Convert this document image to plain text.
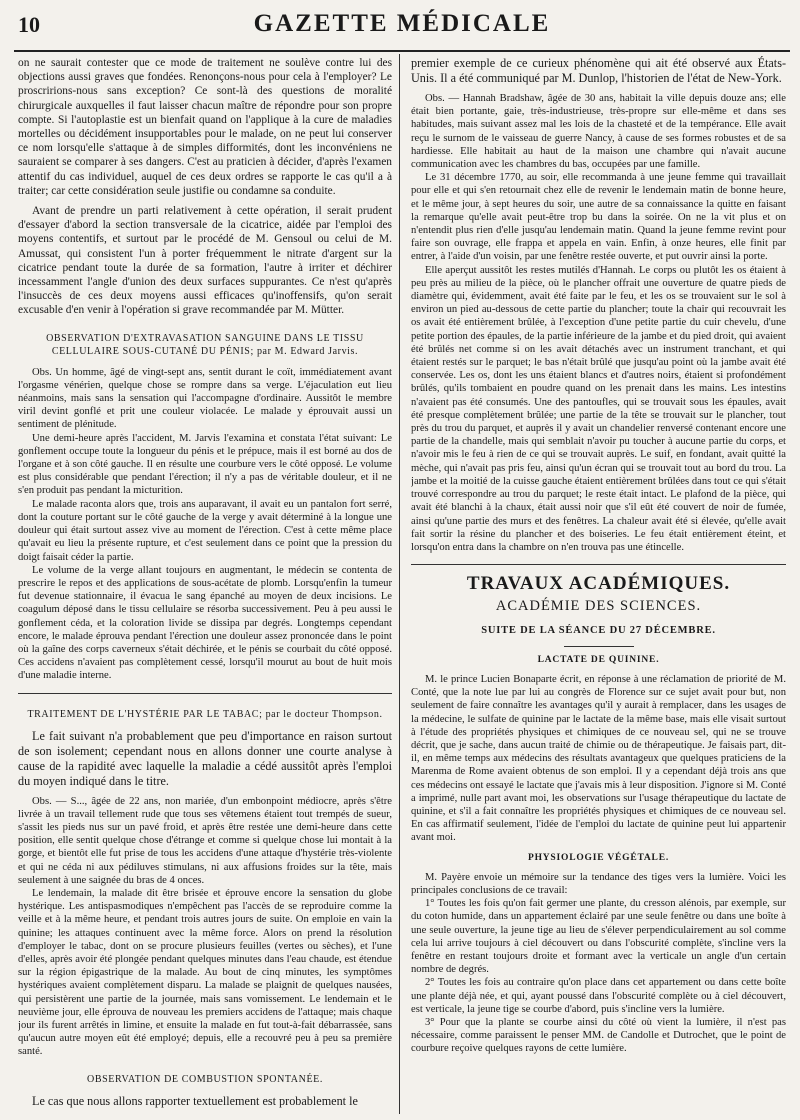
10	GAZETTE MÉDICALE

on ne saurait contester que ce mode de traitement ne soulève contre lui des objections aussi graves que fondées. Renonçons-nous pour cela à l'employer? Le proscririons-nous sans exception? Ce sont-là des questions de moralité chirurgicale auxquelles il faut laisser chacun maître de répondre pour son propre compte. Si l'autoplastie est un bienfait quand on l'applique à la cure de maladies mortelles ou décidément insupportables pour le malade, on ne peut lui conserver ce nom lorsqu'elle s'attaque à de simples difformités, dont les inconvéniens ne sauraient se comparer à ses dangers. C'est au praticien à décider, d'après l'examen attentif du cas individuel, auquel de ces deux ordres se rapporte le cas qu'il a à traiter; car cette considération seule justifie ou condamne sa conduite.

Avant de prendre un parti relativement à cette opération, il serait prudent d'essayer d'abord la section transversale de la cicatrice, aidée par l'emploi des moyens contentifs, et surtout par le procédé de M. Gensoul ou celui de M. Amussat, qui consistent l'un à porter fréquemment le nitrate d'argent sur la cicatrice pendant toute la durée de sa formation, l'autre à irriter et déchirer incessamment l'angle d'union des deux surfaces suppurantes. Ce n'est qu'après l'insuccès de ces deux moyens aussi efficaces qu'inoffensifs, qu'on serait excusable d'en venir à l'opération si grave recommandée par M. Mütter.

OBSERVATION D'EXTRAVASATION SANGUINE DANS LE TISSU CELLULAIRE SOUS-CUTANÉ DU PÉNIS; par M. Edward Jarvis.

Obs. Un homme, âgé de vingt-sept ans, sentit durant le coït, immédiatement avant l'orgasme vénérien, quelque chose se rompre dans sa verge. L'éjaculation eut lieu néanmoins, mais sans la sensation qui l'accompagne d'ordinaire. Aussitôt le membre viril devint gonflé et prit une couleur violacée. Le malade y éprouvait aussi un sentiment de plénitude.

Une demi-heure après l'accident, M. Jarvis l'examina et constata l'état suivant: Le gonflement occupe toute la longueur du pénis et le prépuce, mais il est borné au dos de l'organe et à son côté gauche. Il en résulte une courbure vers le côté opposé. Le volume est plus considérable que pendant l'érection; il n'y a pas de véritable douleur, et il ne s'en produit pas pendant la micturition.

Le malade raconta alors que, trois ans auparavant, il avait eu un pantalon fort serré, dont la couture portant sur le côté gauche de la verge y avait déterminé à la longue une douleur qui était surtout assez vive au moment de l'érection. C'est à cette même place qu'avait eu lieu la présente rupture, et c'est seulement dans ce point que la pression du doigt faisait céder la partie.

Le volume de la verge allant toujours en augmentant, le médecin se contenta de prescrire le repos et des applications de sous-acétate de plomb. Lorsqu'enfin la tumeur fut devenue stationnaire, il évacua le sang épanché au moyen de deux incisions. Le coagulum déposé dans le tissu cellulaire se résorba successivement. Peu à peu aussi le gonflement céda, et la coloration livide se dissipa par degrés. Longtemps cependant encore, le malade éprouva pendant l'érection une douleur assez prononcée dans le point où la gaîne des corps caverneux s'était déchirée, et le pénis se courbait du côté opposé. Ces accidens n'avaient pas complètement cessé, lorsqu'il mourut au bout de huit mois d'une maladie interne.

TRAITEMENT DE L'HYSTÉRIE PAR LE TABAC; par le docteur Thompson.

Le fait suivant n'a probablement que peu d'importance en raison surtout de son isolement; cependant nous en allons donner une courte analyse à cause de la rapidité avec laquelle la maladie a cédé aussitôt après l'emploi du moyen indiqué dans le titre.

Obs. — S..., âgée de 22 ans, non mariée, d'un embonpoint médiocre, après s'être livrée à un travail tellement rude que tous ses vêtemens étaient tout trempés de sueur, s'assit les pieds nus sur un pavé froid, et après être restée une demi-heure dans cette position, elle sentit quelque chose d'étrange et comme si quelque chose lui montait à la gorge, et bientôt elle fut prise de tous les accidens d'une attaque d'hystérie très-violente et qui ne céda ni aux pédiluves stimulans, ni aux affusions froides sur la tête, mais seulement à une saignée du bras de 4 onces.

Le lendemain, la malade dit être brisée et éprouve encore la sensation du globe hystérique. Les antispasmodiques n'empêchent pas l'accès de se reproduire comme la veille et à la même heure, et pendant trois autres jours de suite. On emploie en vain la quinine; les attaques continuent avec la même force. Alors on prend la résolution d'employer le tabac, dont on se procure plusieurs feuilles (vertes ou sèches), et l'une d'elles, après avoir été plongée pendant quelques minutes dans l'eau chaude, est étendue sur la région épigastrique de la malade. Au bout de cinq minutes, les symptômes hystériques avaient complètement disparu. La malade se plaignit de quelques nausées, qui persistèrent une partie de la journée, mais sans vomissement. Le lendemain et le neuvième jour, elle éprouva de nouveau les premiers accidens de l'attaque; mais chaque jour ils furent arrêtés in limine, et ensuite la malade en fut tout-à-fait débarrassée, sans qu'aucun autre moyen eût été employé; depuis, elle a recouvré peu à peu sa première santé.

OBSERVATION DE COMBUSTION SPONTANÉE.

Le cas que nous allons rapporter textuellement est probablement le

premier exemple de ce curieux phénomène qui ait été observé aux États-Unis. Il a été communiqué par M. Dunlop, l'historien de l'état de New-York.

Obs. — Hannah Bradshaw, âgée de 30 ans, habitait la ville depuis douze ans; elle était bien portante, gaie, très-industrieuse, très-propre sur elle-même et dans ses habitudes, mais suivant assez mal les lois de la chasteté et de la tempérance. Elle avait reçu le surnom de le vaisseau de guerre Nancy, à cause de ses formes robustes et de sa hardiesse. Elle habitait au haut de la maison une chambre qui n'avait aucune communication avec les chambres du bas, occupées par une famille.

Le 31 décembre 1770, au soir, elle recommanda à une jeune femme qui travaillait pour elle et qui s'en retournait chez elle de revenir le lendemain matin de bonne heure, et le même jour, à sept heures du soir, une autre de sa connaissance la quitte en faisant la remarque qu'elle avait peut-être trop bu dans la soirée. On ne la vit plus et on n'entendit plus rien d'elle jusqu'au lendemain matin. Quand la jeune femme revint pour faire son ouvrage, elle frappa et appela en vain. Enfin, à onze heures, elle finit par entrer, à l'aide d'un voisin, par une fenêtre restée ouverte, et put ouvrir ainsi la porte.

Elle aperçut aussitôt les restes mutilés d'Hannah. Le corps ou plutôt les os étaient à peu près au milieu de la pièce, où le plancher offrait une ouverture de quatre pieds de diamètre qui, évidemment, avait été faite par le feu, et les os se trouvaient sur le sol à environ un pied au-dessous de cette partie du plancher; toute la chair qui recouvrait les os avait été entièrement brûlée, à l'exception d'une petite partie du cuir chevelu, d'une petite portion des épaules, de la partie inférieure de la jambe et du pied droit, qui avaient été brûlés net comme si on les avait détachés avec un instrument tranchant, et qui étaient restés sur le parquet; le bas n'était brûlé que jusqu'au point où la jambe avait été conservée. Les os, dont les uns étaient blancs et d'autres noirs, étaient si profondément brûlés, qu'ils tombaient en poudre quand on les prenait dans les mains. Les intestins n'avaient pas été consumés. Une des pantoufles, qui se trouvait sous les épaules, avait été presque complètement brûlée; une partie de la tête se trouvait sur le plancher, tout près du trou du parquet, et auprès il y avait un chandelier renversé contenant encore une partie de la chandelle, mais qui semblait n'avoir pu toucher à aucune partie du corps, et n'avoir mis le feu à rien de ce qui se trouvait auprès. Le suif, en fondant, avait quitté la mèche, qui n'avait pas pris feu, ainsi qu'un écran qui se trouvait tout au bord du trou. La jambe et la moitié de la cuisse gauche étaient entièrement brûlées dans tout ce qui s'était trouvé correspondre au trou du parquet; le reste était intact. Le plafond de la pièce, qui avait été blanchi à la chaux, était aussi noir que s'il eût été couvert de noir de fumée, ainsi qu'une partie des murs et des fenêtres. La chaleur avait été si élevée, qu'elle avait fait sortir la résine du plancher et des boiseries. Le feu était entièrement éteint, et lorsqu'on entra dans la chambre on n'en trouva pas une étincelle.

TRAVAUX ACADÉMIQUES.
ACADÉMIE DES SCIENCES.
SUITE DE LA SÉANCE DU 27 DÉCEMBRE.
LACTATE DE QUININE.

M. le prince Lucien Bonaparte écrit, en réponse à une réclamation de priorité de M. Conté, que la note lue par lui au congrès de Florence sur ce sujet avait pour but, non seulement de faire connaître les avantages qu'il y aurait à remplacer, dans les usages de la médecine, le sulfate de quinine par le lactate de la même base, mais elle visait surtout à l'étude des propriétés physiques et chimiques de ce nouveau sel, qui ne se trouve décrit, que je sache, dans aucun traité de chimie ou de thérapeutique. Je faisais part, dit-il, en même temps aux médecins des résultats avantageux que quelques praticiens de la Marenma de Rome avaient obtenus de son emploi. Il y a cependant déjà trois ans que ces médecins ont essayé le lactate que j'avais mis à leur disposition. J'ignore si M. Conté a imprimé, nulle part avant moi, les observations sur l'usage thérapeutique du lactate de quinine, et s'il a fait connaître les propriétés physiques et chimiques de ce nouveau sel. En cas affirmatif seulement, l'idée de l'emploi du lactate de quinine peut lui appartenir avant moi.

PHYSIOLOGIE VÉGÉTALE.

M. Payère envoie un mémoire sur la tendance des tiges vers la lumière. Voici les principales conclusions de ce travail:

1° Toutes les fois qu'on fait germer une plante, du cresson alénois, par exemple, sur du coton humide, dans un appartement éclairé par une seule fenêtre ou dans une boîte à une seule ouverture, la jeune tige au lieu de s'élever perpendiculairement au sol comme cela lui arrive toujours à ciel découvert ou dans l'obscurité complète, s'incline vers la fenêtre en restant toujours droite et formant avec la verticale un angle d'un certain nombre de degrés.

2° Toutes les fois au contraire qu'on place dans cet appartement ou dans cette boîte une plante déjà née, et qui, ayant poussé dans l'obscurité complète ou à ciel découvert, est verticale, la jeune tige se courbe d'abord, puis s'incline vers la lumière.

3° Pour que la plante se courbe ainsi du côté où vient la lumière, il n'est pas nécessaire, comme paraissent le penser MM. de Candolle et Dutrochet, que le point de courbure reçoive quelques rayons de cette lumière.
